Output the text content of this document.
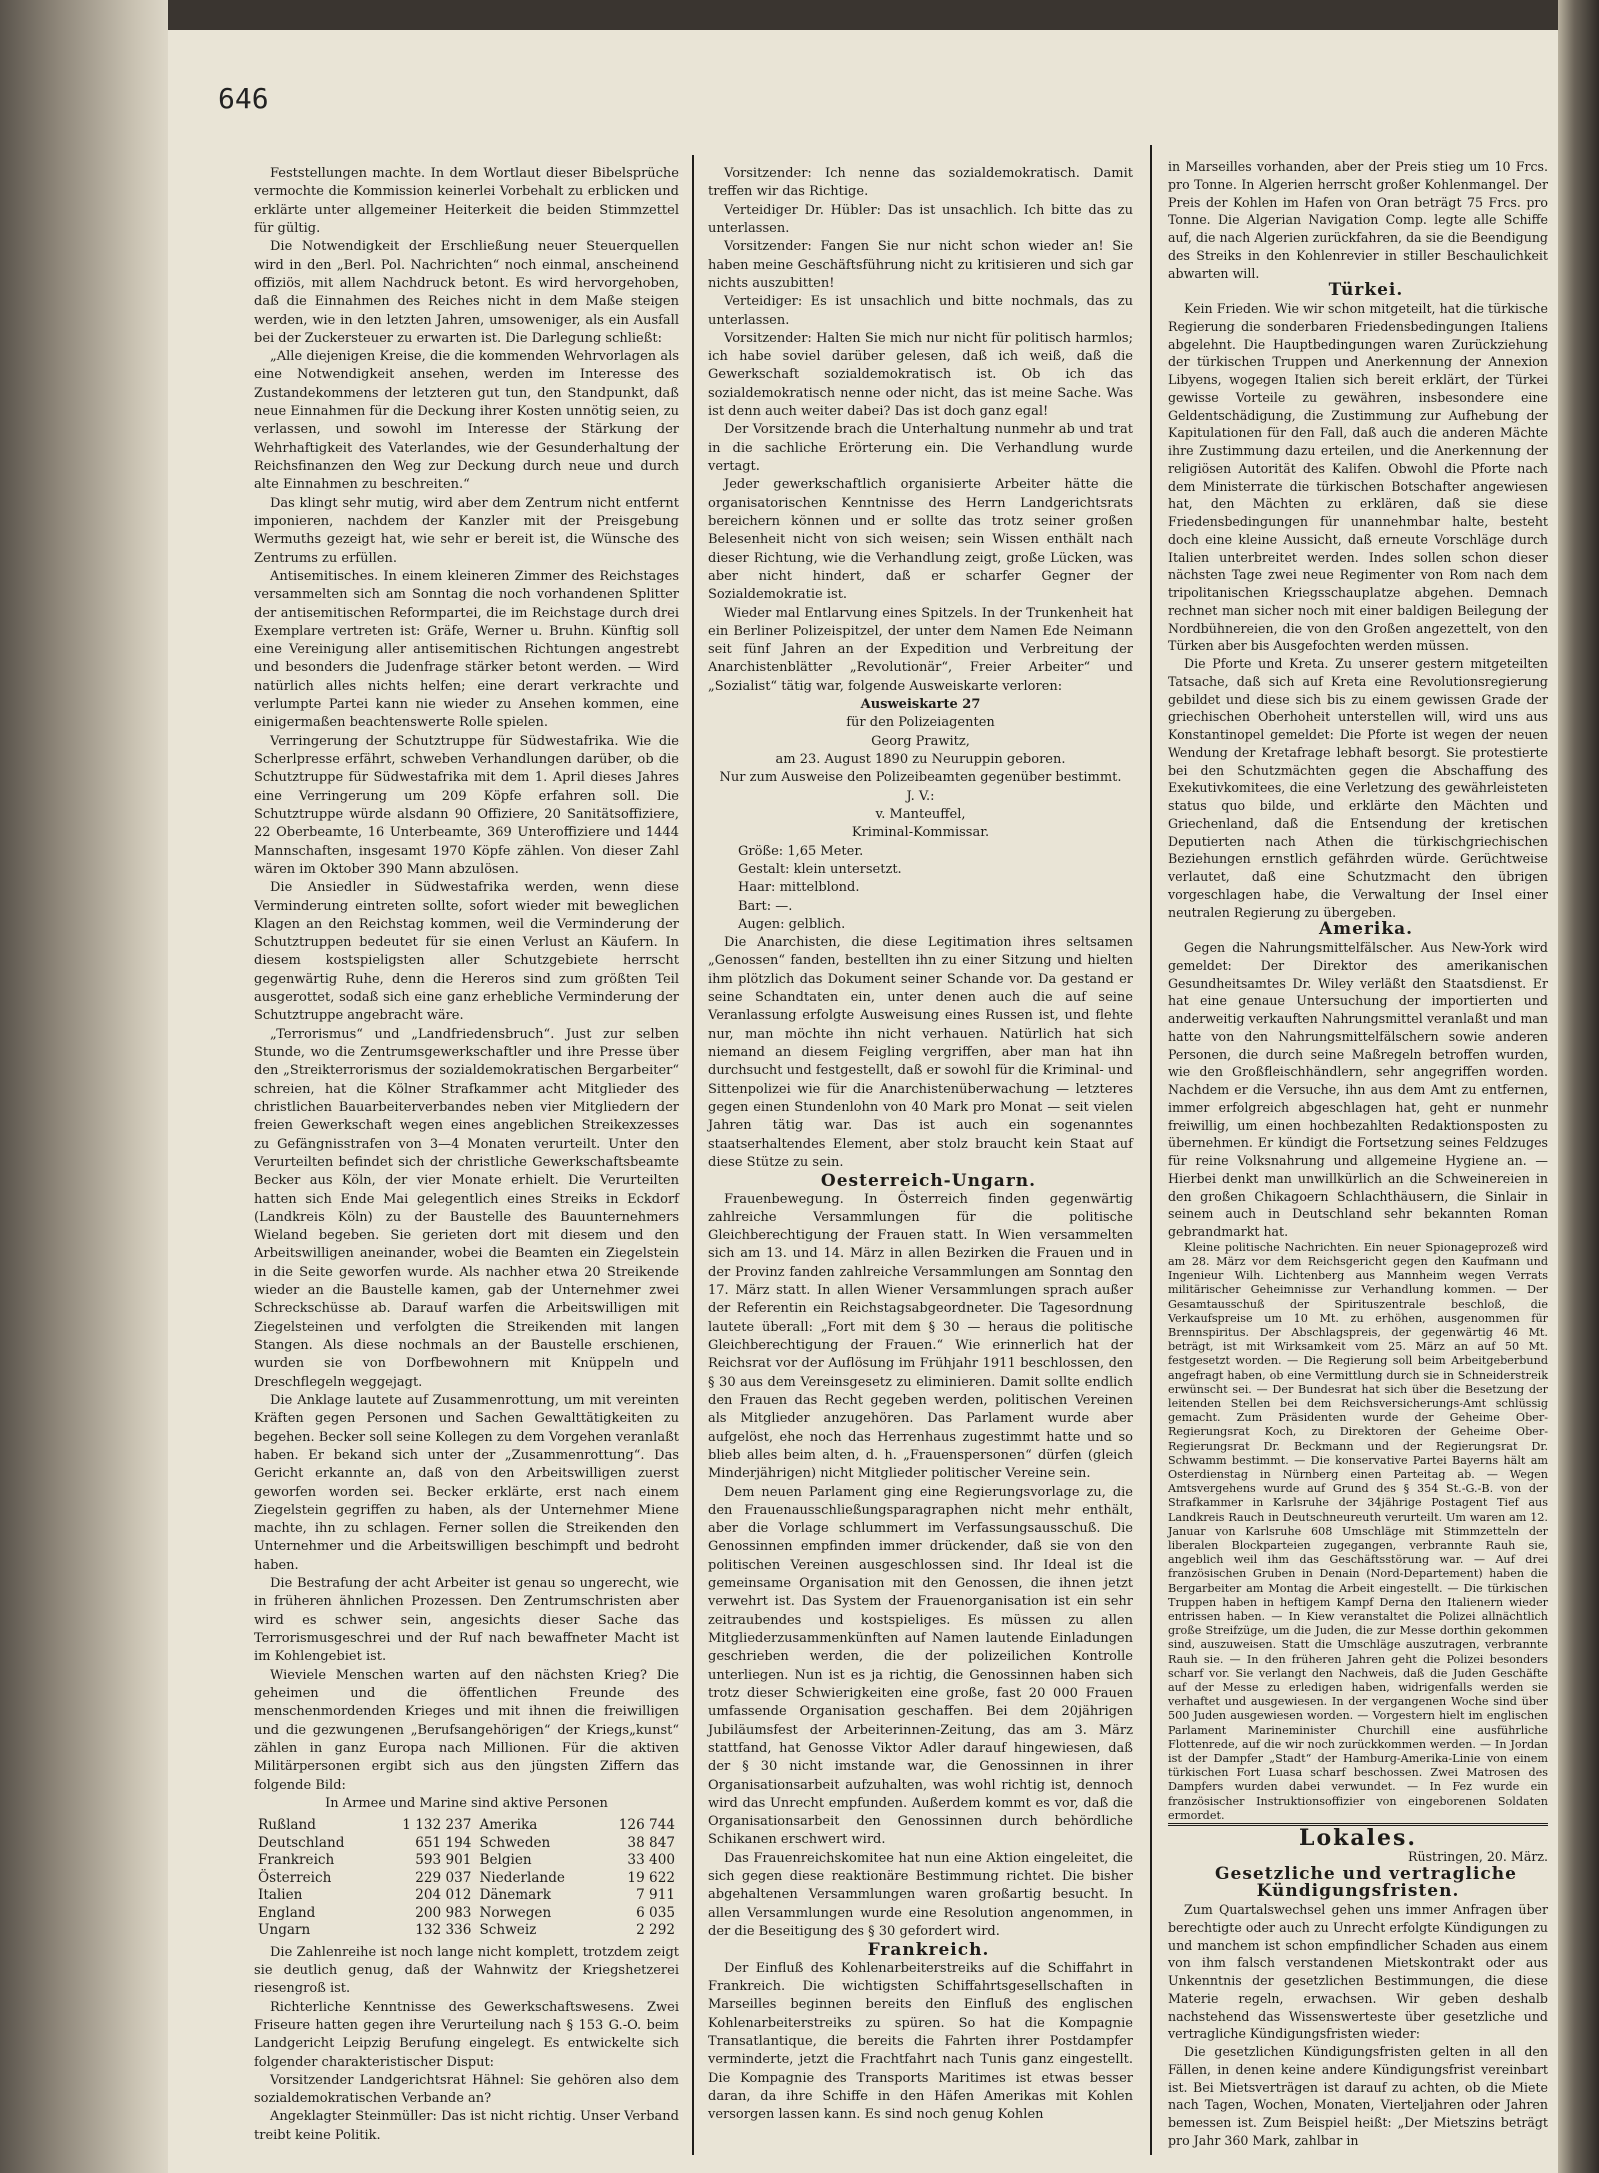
646

Feststellungen machte. In dem Wortlaut dieser Bibelsprüche vermochte die Kommission keinerlei Vorbehalt zu erblicken und erklärte unter allgemeiner Heiterkeit die beiden Stimmzettel für gültig.

Die Notwendigkeit der Erschließung neuer Steuerquellen wird in den „Berl. Pol. Nachrichten“ noch einmal, anscheinend offiziös, mit allem Nachdruck betont. Es wird hervorgehoben, daß die Einnahmen des Reiches nicht in dem Maße steigen werden, wie in den letzten Jahren, umsoweniger, als ein Ausfall bei der Zuckersteuer zu erwarten ist. Die Darlegung schließt:

„Alle diejenigen Kreise, die die kommenden Wehrvorlagen als eine Notwendigkeit ansehen, werden im Interesse des Zustandekommens der letzteren gut tun, den Standpunkt, daß neue Einnahmen für die Deckung ihrer Kosten unnötig seien, zu verlassen, und sowohl im Interesse der Stärkung der Wehrhaftigkeit des Vaterlandes, wie der Gesunderhaltung der Reichsfinanzen den Weg zur Deckung durch neue und durch alte Einnahmen zu beschreiten.“

Das klingt sehr mutig, wird aber dem Zentrum nicht entfernt imponieren, nachdem der Kanzler mit der Preisgebung Wermuths gezeigt hat, wie sehr er bereit ist, die Wünsche des Zentrums zu erfüllen.

Antisemitisches. In einem kleineren Zimmer des Reichstages versammelten sich am Sonntag die noch vorhandenen Splitter der antisemitischen Reformpartei, die im Reichstage durch drei Exemplare vertreten ist: Gräfe, Werner u. Bruhn. Künftig soll eine Vereinigung aller antisemitischen Richtungen angestrebt und besonders die Judenfrage stärker betont werden. — Wird natürlich alles nichts helfen; eine derart verkrachte und verlumpte Partei kann nie wieder zu Ansehen kommen, eine einigermaßen beachtenswerte Rolle spielen.

Verringerung der Schutztruppe für Südwestafrika. Wie die Scherlpresse erfährt, schweben Verhandlungen darüber, ob die Schutztruppe für Südwestafrika mit dem 1. April dieses Jahres eine Verringerung um 209 Köpfe erfahren soll. Die Schutztruppe würde alsdann 90 Offiziere, 20 Sanitätsoffiziere, 22 Oberbeamte, 16 Unterbeamte, 369 Unteroffiziere und 1444 Mannschaften, insgesamt 1970 Köpfe zählen. Von dieser Zahl wären im Oktober 390 Mann abzulösen.

Die Ansiedler in Südwestafrika werden, wenn diese Verminderung eintreten sollte, sofort wieder mit beweglichen Klagen an den Reichstag kommen, weil die Verminderung der Schutztruppen bedeutet für sie einen Verlust an Käufern. In diesem kostspieligsten aller Schutzgebiete herrscht gegenwärtig Ruhe, denn die Hereros sind zum größten Teil ausgerottet, sodaß sich eine ganz erhebliche Verminderung der Schutztruppe angebracht wäre.

„Terrorismus“ und „Landfriedensbruch“. Just zur selben Stunde, wo die Zentrumsgewerkschaftler und ihre Presse über den „Streikterrorismus der sozialdemokratischen Bergarbeiter“ schreien, hat die Kölner Strafkammer acht Mitglieder des christlichen Bauarbeiterverbandes neben vier Mitgliedern der freien Gewerkschaft wegen eines angeblichen Streikexzesses zu Gefängnisstrafen von 3—4 Monaten verurteilt. Unter den Verurteilten befindet sich der christliche Gewerkschaftsbeamte Becker aus Köln, der vier Monate erhielt. Die Verurteilten hatten sich Ende Mai gelegentlich eines Streiks in Eckdorf (Landkreis Köln) zu der Baustelle des Bauunternehmers Wieland begeben. Sie gerieten dort mit diesem und den Arbeitswilligen aneinander, wobei die Beamten ein Ziegelstein in die Seite geworfen wurde. Als nachher etwa 20 Streikende wieder an die Baustelle kamen, gab der Unternehmer zwei Schreckschüsse ab. Darauf warfen die Arbeitswilligen mit Ziegelsteinen und verfolgten die Streikenden mit langen Stangen. Als diese nochmals an der Baustelle erschienen, wurden sie von Dorfbewohnern mit Knüppeln und Dreschflegeln weggejagt.

Die Anklage lautete auf Zusammenrottung, um mit vereinten Kräften gegen Personen und Sachen Gewalttätigkeiten zu begehen. Becker soll seine Kollegen zu dem Vorgehen veranlaßt haben. Er bekand sich unter der „Zusammenrottung“. Das Gericht erkannte an, daß von den Arbeitswilligen zuerst geworfen worden sei. Becker erklärte, erst nach einem Ziegelstein gegriffen zu haben, als der Unternehmer Miene machte, ihn zu schlagen. Ferner sollen die Streikenden den Unternehmer und die Arbeitswilligen beschimpft und bedroht haben.

Die Bestrafung der acht Arbeiter ist genau so ungerecht, wie in früheren ähnlichen Prozessen. Den Zentrumschristen aber wird es schwer sein, angesichts dieser Sache das Terrorismusgeschrei und der Ruf nach bewaffneter Macht ist im Kohlengebiet ist.

Wieviele Menschen warten auf den nächsten Krieg? Die geheimen und die öffentlichen Freunde des menschenmordenden Krieges und mit ihnen die freiwilligen und die gezwungenen „Berufsangehörigen“ der Kriegs„kunst“ zählen in ganz Europa nach Millionen. Für die aktiven Militärpersonen ergibt sich aus den jüngsten Ziffern das folgende Bild:

In Armee und Marine sind aktive Personen

Rußland	1 132 237	Amerika	126 744
Deutschland	651 194	Schweden	38 847
Frankreich	593 901	Belgien	33 400
Österreich	229 037	Niederlande	19 622
Italien	204 012	Dänemark	7 911
England	200 983	Norwegen	6 035
Ungarn	132 336	Schweiz	2 292

Die Zahlenreihe ist noch lange nicht komplett, trotzdem zeigt sie deutlich genug, daß der Wahnwitz der Kriegshetzerei riesengroß ist.

Richterliche Kenntnisse des Gewerkschaftswesens. Zwei Friseure hatten gegen ihre Verurteilung nach § 153 G.-O. beim Landgericht Leipzig Berufung eingelegt. Es entwickelte sich folgender charakteristischer Disput:

Vorsitzender Landgerichtsrat Hähnel: Sie gehören also dem sozialdemokratischen Verbande an?

Angeklagter Steinmüller: Das ist nicht richtig. Unser Verband treibt keine Politik.

Vorsitzender: Ich nenne das sozialdemokratisch. Damit treffen wir das Richtige.

Verteidiger Dr. Hübler: Das ist unsachlich. Ich bitte das zu unterlassen.

Vorsitzender: Fangen Sie nur nicht schon wieder an! Sie haben meine Geschäftsführung nicht zu kritisieren und sich gar nichts auszubitten!

Verteidiger: Es ist unsachlich und bitte nochmals, das zu unterlassen.

Vorsitzender: Halten Sie mich nur nicht für politisch harmlos; ich habe soviel darüber gelesen, daß ich weiß, daß die Gewerkschaft sozialdemokratisch ist. Ob ich das sozialdemokratisch nenne oder nicht, das ist meine Sache. Was ist denn auch weiter dabei? Das ist doch ganz egal!

Der Vorsitzende brach die Unterhaltung nunmehr ab und trat in die sachliche Erörterung ein. Die Verhandlung wurde vertagt.

Jeder gewerkschaftlich organisierte Arbeiter hätte die organisatorischen Kenntnisse des Herrn Landgerichtsrats bereichern können und er sollte das trotz seiner großen Belesenheit nicht von sich weisen; sein Wissen enthält nach dieser Richtung, wie die Verhandlung zeigt, große Lücken, was aber nicht hindert, daß er scharfer Gegner der Sozialdemokratie ist.

Wieder mal Entlarvung eines Spitzels. In der Trunkenheit hat ein Berliner Polizeispitzel, der unter dem Namen Ede Neimann seit fünf Jahren an der Expedition und Verbreitung der Anarchistenblätter „Revolutionär“, Freier Arbeiter“ und „Sozialist“ tätig war, folgende Ausweiskarte verloren:

Ausweiskarte 27

für den Polizeiagenten

Georg Prawitz,

am 23. August 1890 zu Neuruppin geboren.

Nur zum Ausweise den Polizeibeamten gegenüber bestimmt.

J. V.:

v. Manteuffel,

Kriminal-Kommissar.

Größe: 1,65 Meter.

Gestalt: klein untersetzt.

Haar: mittelblond.

Bart: —.

Augen: gelblich.

Die Anarchisten, die diese Legitimation ihres seltsamen „Genossen“ fanden, bestellten ihn zu einer Sitzung und hielten ihm plötzlich das Dokument seiner Schande vor. Da gestand er seine Schandtaten ein, unter denen auch die auf seine Veranlassung erfolgte Ausweisung eines Russen ist, und flehte nur, man möchte ihn nicht verhauen. Natürlich hat sich niemand an diesem Feigling vergriffen, aber man hat ihn durchsucht und festgestellt, daß er sowohl für die Kriminal- und Sittenpolizei wie für die Anarchistenüberwachung — letzteres gegen einen Stundenlohn von 40 Mark pro Monat — seit vielen Jahren tätig war. Das ist auch ein sogenanntes staatserhaltendes Element, aber stolz braucht kein Staat auf diese Stütze zu sein.

Oesterreich-Ungarn.

Frauenbewegung. In Österreich finden gegenwärtig zahlreiche Versammlungen für die politische Gleichberechtigung der Frauen statt. In Wien versammelten sich am 13. und 14. März in allen Bezirken die Frauen und in der Provinz fanden zahlreiche Versammlungen am Sonntag den 17. März statt. In allen Wiener Versammlungen sprach außer der Referentin ein Reichstagsabgeordneter. Die Tagesordnung lautete überall: „Fort mit dem § 30 — heraus die politische Gleichberechtigung der Frauen.“ Wie erinnerlich hat der Reichsrat vor der Auflösung im Frühjahr 1911 beschlossen, den § 30 aus dem Vereinsgesetz zu eliminieren. Damit sollte endlich den Frauen das Recht gegeben werden, politischen Vereinen als Mitglieder anzugehören. Das Parlament wurde aber aufgelöst, ehe noch das Herrenhaus zugestimmt hatte und so blieb alles beim alten, d. h. „Frauenspersonen“ dürfen (gleich Minderjährigen) nicht Mitglieder politischer Vereine sein.

Dem neuen Parlament ging eine Regierungsvorlage zu, die den Frauenausschließungsparagraphen nicht mehr enthält, aber die Vorlage schlummert im Verfassungsausschuß. Die Genossinnen empfinden immer drückender, daß sie von den politischen Vereinen ausgeschlossen sind. Ihr Ideal ist die gemeinsame Organisation mit den Genossen, die ihnen jetzt verwehrt ist. Das System der Frauenorganisation ist ein sehr zeitraubendes und kostspieliges. Es müssen zu allen Mitgliederzusammenkünften auf Namen lautende Einladungen geschrieben werden, die der polizeilichen Kontrolle unterliegen. Nun ist es ja richtig, die Genossinnen haben sich trotz dieser Schwierigkeiten eine große, fast 20 000 Frauen umfassende Organisation geschaffen. Bei dem 20jährigen Jubiläumsfest der Arbeiterinnen-Zeitung, das am 3. März stattfand, hat Genosse Viktor Adler darauf hingewiesen, daß der § 30 nicht imstande war, die Genossinnen in ihrer Organisationsarbeit aufzuhalten, was wohl richtig ist, dennoch wird das Unrecht empfunden. Außerdem kommt es vor, daß die Organisationsarbeit den Genossinnen durch behördliche Schikanen erschwert wird.

Das Frauenreichskomitee hat nun eine Aktion eingeleitet, die sich gegen diese reaktionäre Bestimmung richtet. Die bisher abgehaltenen Versammlungen waren großartig besucht. In allen Versammlungen wurde eine Resolution angenommen, in der die Beseitigung des § 30 gefordert wird.

Frankreich.

Der Einfluß des Kohlenarbeiterstreiks auf die Schiffahrt in Frankreich. Die wichtigsten Schiffahrtsgesellschaften in Marseilles beginnen bereits den Einfluß des englischen Kohlenarbeiterstreiks zu spüren. So hat die Kompagnie Transatlantique, die bereits die Fahrten ihrer Postdampfer verminderte, jetzt die Frachtfahrt nach Tunis ganz eingestellt. Die Kompagnie des Transports Maritimes ist etwas besser daran, da ihre Schiffe in den Häfen Amerikas mit Kohlen versorgen lassen kann. Es sind noch genug Kohlen

in Marseilles vorhanden, aber der Preis stieg um 10 Frcs. pro Tonne. In Algerien herrscht großer Kohlenmangel. Der Preis der Kohlen im Hafen von Oran beträgt 75 Frcs. pro Tonne. Die Algerian Navigation Comp. legte alle Schiffe auf, die nach Algerien zurückfahren, da sie die Beendigung des Streiks in den Kohlenrevier in stiller Beschaulichkeit abwarten will.

Türkei.

Kein Frieden. Wie wir schon mitgeteilt, hat die türkische Regierung die sonderbaren Friedensbedingungen Italiens abgelehnt. Die Hauptbedingungen waren Zurückziehung der türkischen Truppen und Anerkennung der Annexion Libyens, wogegen Italien sich bereit erklärt, der Türkei gewisse Vorteile zu gewähren, insbesondere eine Geldentschädigung, die Zustimmung zur Aufhebung der Kapitulationen für den Fall, daß auch die anderen Mächte ihre Zustimmung dazu erteilen, und die Anerkennung der religiösen Autorität des Kalifen. Obwohl die Pforte nach dem Ministerrate die türkischen Botschafter angewiesen hat, den Mächten zu erklären, daß sie diese Friedensbedingungen für unannehmbar halte, besteht doch eine kleine Aussicht, daß erneute Vorschläge durch Italien unterbreitet werden. Indes sollen schon dieser nächsten Tage zwei neue Regimenter von Rom nach dem tripolitanischen Kriegsschauplatze abgehen. Demnach rechnet man sicher noch mit einer baldigen Beilegung der Nordbühnereien, die von den Großen angezettelt, von den Türken aber bis Ausgefochten werden müssen.

Die Pforte und Kreta. Zu unserer gestern mitgeteilten Tatsache, daß sich auf Kreta eine Revolutionsregierung gebildet und diese sich bis zu einem gewissen Grade der griechischen Oberhoheit unterstellen will, wird uns aus Konstantinopel gemeldet: Die Pforte ist wegen der neuen Wendung der Kretafrage lebhaft besorgt. Sie protestierte bei den Schutzmächten gegen die Abschaffung des Exekutivkomitees, die eine Verletzung des gewährleisteten status quo bilde, und erklärte den Mächten und Griechenland, daß die Entsendung der kretischen Deputierten nach Athen die türkischgriechischen Beziehungen ernstlich gefährden würde. Gerüchtweise verlautet, daß eine Schutzmacht den übrigen vorgeschlagen habe, die Verwaltung der Insel einer neutralen Regierung zu übergeben.

Amerika.

Gegen die Nahrungsmittelfälscher. Aus New-York wird gemeldet: Der Direktor des amerikanischen Gesundheitsamtes Dr. Wiley verläßt den Staatsdienst. Er hat eine genaue Untersuchung der importierten und anderweitig verkauften Nahrungsmittel veranlaßt und man hatte von den Nahrungsmittelfälschern sowie anderen Personen, die durch seine Maßregeln betroffen wurden, wie den Großfleischhändlern, sehr angegriffen worden. Nachdem er die Versuche, ihn aus dem Amt zu entfernen, immer erfolgreich abgeschlagen hat, geht er nunmehr freiwillig, um einen hochbezahlten Redaktionsposten zu übernehmen. Er kündigt die Fortsetzung seines Feldzuges für reine Volksnahrung und allgemeine Hygiene an. — Hierbei denkt man unwillkürlich an die Schweinereien in den großen Chikagoern Schlachthäusern, die Sinlair in seinem auch in Deutschland sehr bekannten Roman gebrandmarkt hat.

Kleine politische Nachrichten. Ein neuer Spionageprozeß wird am 28. März vor dem Reichsgericht gegen den Kaufmann und Ingenieur Wilh. Lichtenberg aus Mannheim wegen Verrats militärischer Geheimnisse zur Verhandlung kommen. — Der Gesamtausschuß der Spirituszentrale beschloß, die Verkaufspreise um 10 Mt. zu erhöhen, ausgenommen für Brennspiritus. Der Abschlagspreis, der gegenwärtig 46 Mt. beträgt, ist mit Wirksamkeit vom 25. März an auf 50 Mt. festgesetzt worden. — Die Regierung soll beim Arbeitgeberbund angefragt haben, ob eine Vermittlung durch sie in Schneiderstreik erwünscht sei. — Der Bundesrat hat sich über die Besetzung der leitenden Stellen bei dem Reichsversicherungs-Amt schlüssig gemacht. Zum Präsidenten wurde der Geheime Ober-Regierungsrat Koch, zu Direktoren der Geheime Ober-Regierungsrat Dr. Beckmann und der Regierungsrat Dr. Schwamm bestimmt. — Die konservative Partei Bayerns hält am Osterdienstag in Nürnberg einen Parteitag ab. — Wegen Amtsvergehens wurde auf Grund des § 354 St.-G.-B. von der Strafkammer in Karlsruhe der 34jährige Postagent Tief aus Landkreis Rauch in Deutschneureuth verurteilt. Um waren am 12. Januar von Karlsruhe 608 Umschläge mit Stimmzetteln der liberalen Blockparteien zugegangen, verbrannte Rauh sie, angeblich weil ihm das Geschäftsstörung war. — Auf drei französischen Gruben in Denain (Nord-Departement) haben die Bergarbeiter am Montag die Arbeit eingestellt. — Die türkischen Truppen haben in heftigem Kampf Derna den Italienern wieder entrissen haben. — In Kiew veranstaltet die Polizei allnächtlich große Streifzüge, um die Juden, die zur Messe dorthin gekommen sind, auszuweisen. Statt die Umschläge auszutragen, verbrannte Rauh sie. — In den früheren Jahren geht die Polizei besonders scharf vor. Sie verlangt den Nachweis, daß die Juden Geschäfte auf der Messe zu erledigen haben, widrigenfalls werden sie verhaftet und ausgewiesen. In der vergangenen Woche sind über 500 Juden ausgewiesen worden. — Vorgestern hielt im englischen Parlament Marineminister Churchill eine ausführliche Flottenrede, auf die wir noch zurückkommen werden. — In Jordan ist der Dampfer „Stadt“ der Hamburg-Amerika-Linie von einem türkischen Fort Luasa scharf beschossen. Zwei Matrosen des Dampfers wurden dabei verwundet. — In Fez wurde ein französischer Instruktionsoffizier von eingeborenen Soldaten ermordet.

Lokales.

Rüstringen, 20. März.

Gesetzliche und vertragliche Kündigungsfristen.

Zum Quartalswechsel gehen uns immer Anfragen über berechtigte oder auch zu Unrecht erfolgte Kündigungen zu und manchem ist schon empfindlicher Schaden aus einem von ihm falsch verstandenen Mietskontrakt oder aus Unkenntnis der gesetzlichen Bestimmungen, die diese Materie regeln, erwachsen. Wir geben deshalb nachstehend das Wissenswerteste über gesetzliche und vertragliche Kündigungsfristen wieder:

Die gesetzlichen Kündigungsfristen gelten in all den Fällen, in denen keine andere Kündigungsfrist vereinbart ist. Bei Mietsverträgen ist darauf zu achten, ob die Miete nach Tagen, Wochen, Monaten, Vierteljahren oder Jahren bemessen ist. Zum Beispiel heißt: „Der Mietszins beträgt pro Jahr 360 Mark, zahlbar in
